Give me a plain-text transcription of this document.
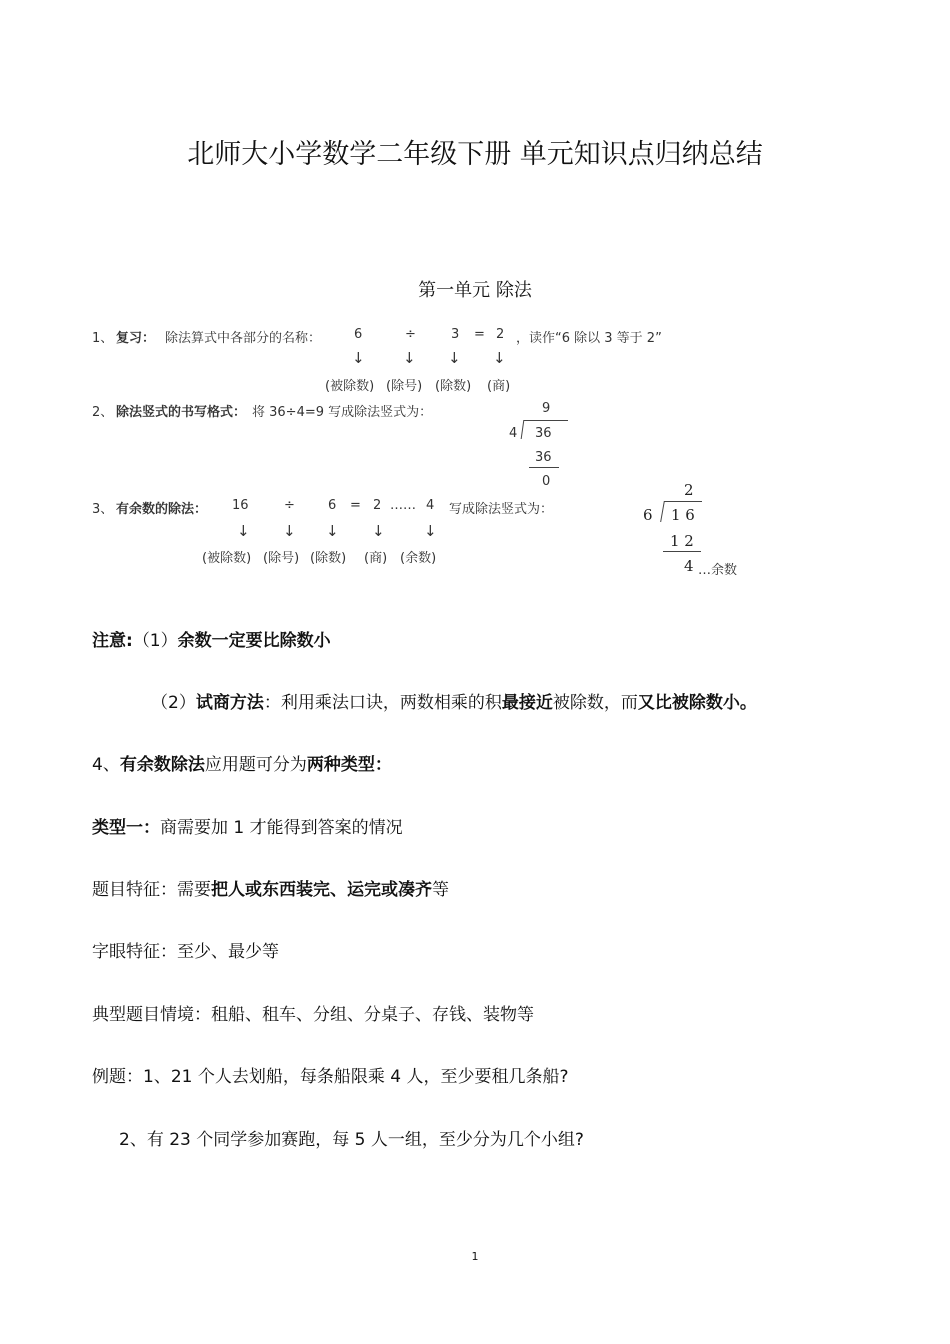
北师大小学数学二年级下册 单元知识点归纳总结
第一单元 除法
1、 复习： 除法算式中各部分的名称：	6	÷	3 = 2 ，读作“6 除以 3 等于 2”
↓	↓ ↓ ↓
(被除数) (除号) (除数) (商)
2、 除法竖式的书写格式： 将 36÷4=9 写成除法竖式为：	9
4 36
36
0
3、 有余数的除法： 16	÷	6 = 2 …… 4 写成除法竖式为：
↓ ↓ ↓ ↓	↓
(被除数) (除号) (除数) (商) (余数)
2
6 1 6
1 2
4 …余数
注意:（1）余数一定要比除数小
（2）试商方法：利用乘法口诀，两数相乘的积最接近被除数，而又比被除数小。
4、有余数除法应用题可分为两种类型：
类型一：商需要加 1 才能得到答案的情况
题目特征：需要把人或东西装完、运完或凑齐等
字眼特征：至少、最少等
典型题目情境：租船、租车、分组、分桌子、存钱、装物等
例题：1、21 个人去划船，每条船限乘 4 人，至少要租几条船?
2、有 23 个同学参加赛跑，每 5 人一组，至少分为几个小组?
1
